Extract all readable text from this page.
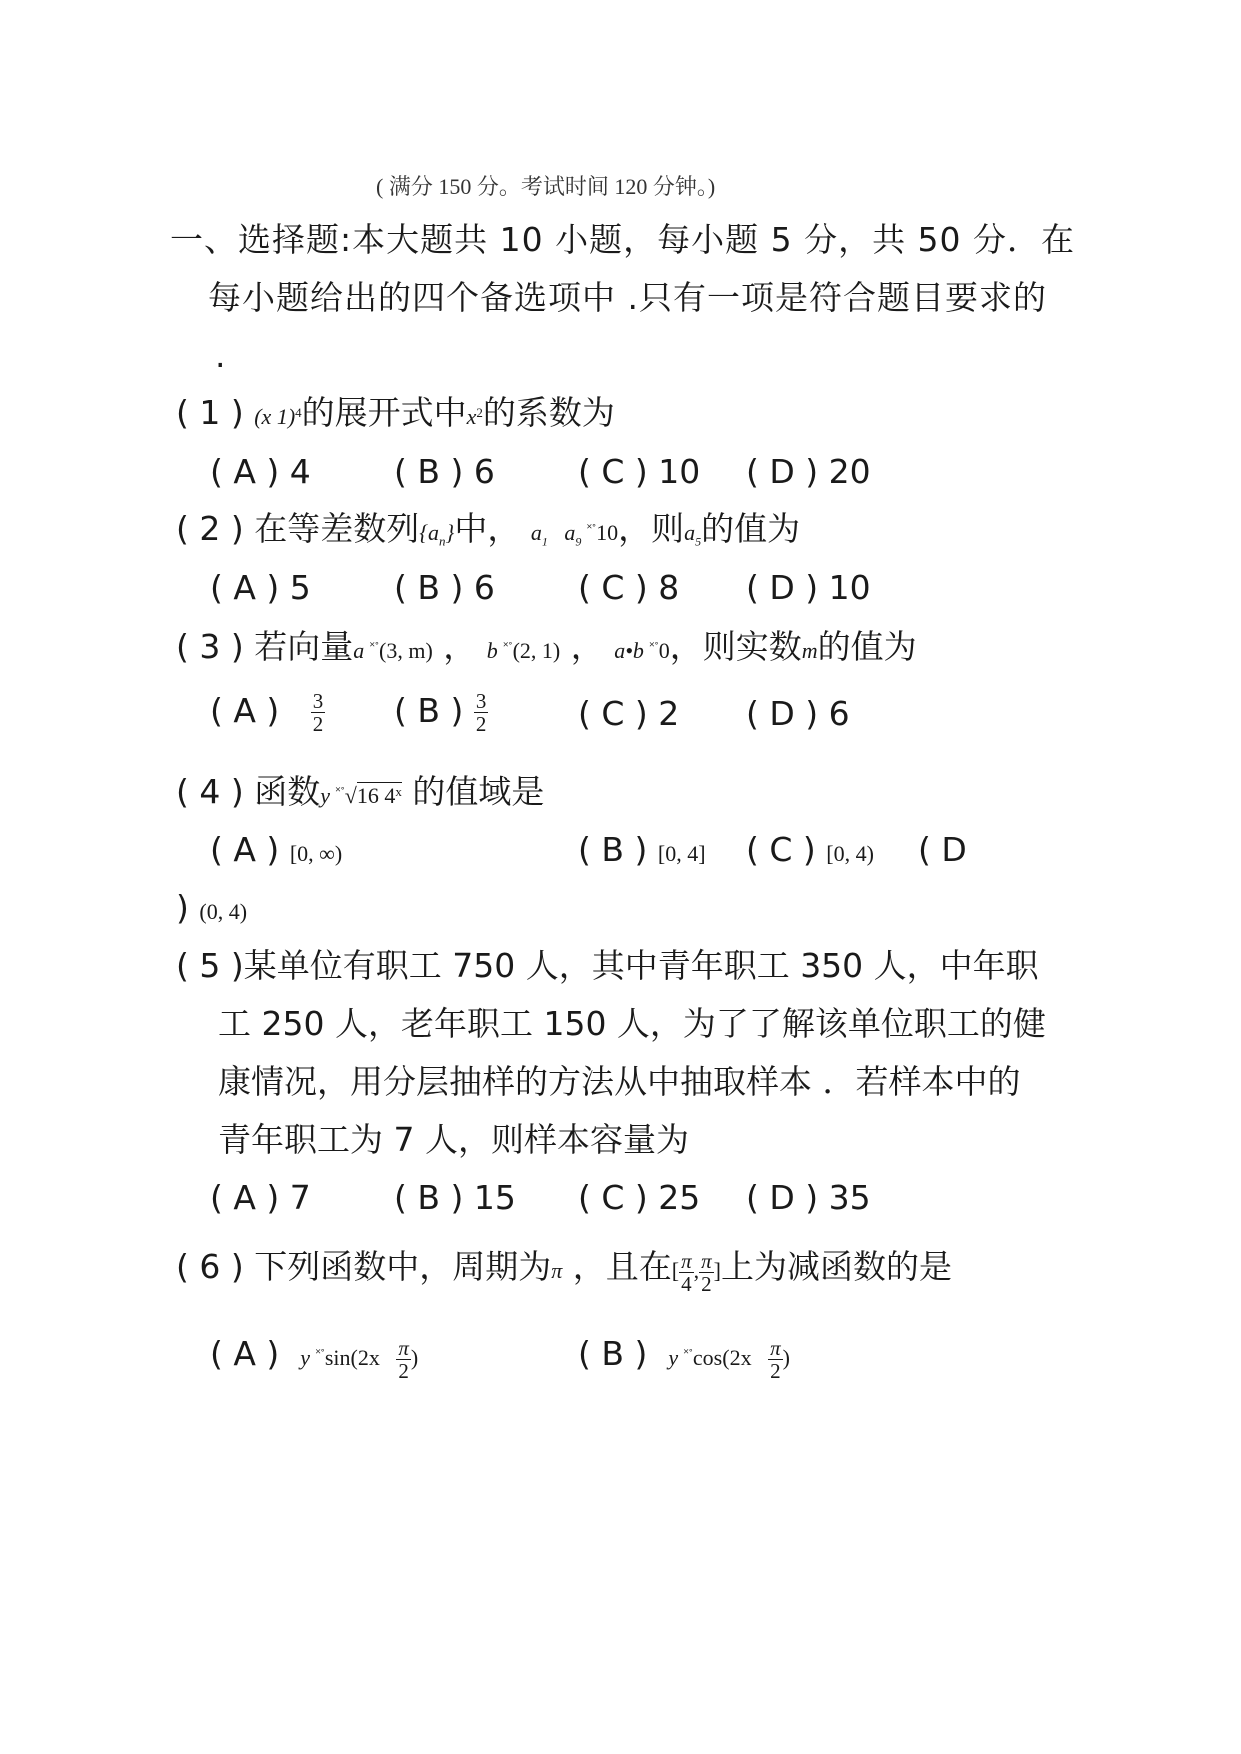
( 满分 150 分。考试时间 120 分钟。)
一、选择题:本大题共 10 小题，每小题 5 分，共 50 分．在
每小题给出的四个备选项中 .只有一项是符合题目要求的
.
( 1 ) (x 1)$^4$的展开式中$x^2$的系数为
( A ) 4	( B ) 6	( C ) 10 ( D ) 20
( 2 ) 在等差数列$\{a_n\}$中， $a_1$ $a_9$ ˟˚10，则$a_5$的值为
( A ) 5	( B ) 6	( C ) 8 ( D ) 10
( 3 ) 若向量a ˟˚(3, m) ， b ˟˚(2, 1) ， a•b ˟˚0，则实数m的值为
( A ) $\frac{3}{2}$ ( B ) $\frac{3}{2}$	( C ) 2 ( D ) 6
( 4 ) 函数y ˟˚√16 4$^x$ 的值域是
( A ) [0, ∞)	( B ) [0, 4] ( C ) [0, 4) ( D
) (0, 4)
( 5 )某单位有职工 750 人，其中青年职工 350 人，中年职
工 250 人，老年职工 150 人，为了了解该单位职工的健
康情况，用分层抽样的方法从中抽取样本 ．若样本中的
青年职工为 7 人，则样本容量为
( A ) 7	( B ) 15 ( C ) 25 ( D ) 35
( 6 ) 下列函数中，周期为π ，且在[ $\frac{\pi}{4}$ , $\frac{\pi}{2}$ ]上为减函数的是
( A ) y $^{˟˚}\sin(2x \frac{\pi}{2}$ )	( B ) y $^{˟˚}\cos(2x \frac{\pi}{2}$ )
